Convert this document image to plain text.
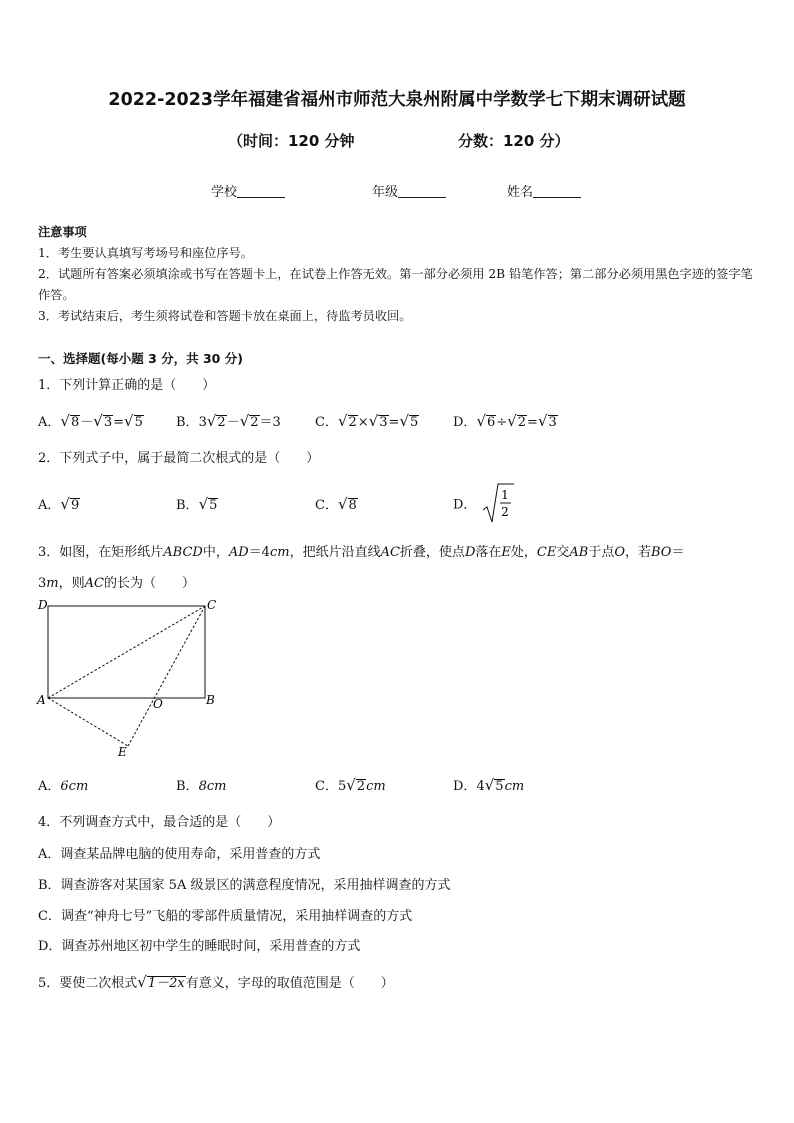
2022-2023学年福建省福州市师范大泉州附属中学数学七下期末调研试题
（时间：120 分钟	分数：120 分）
学校	年级	姓名
注意事项
1．考生要认真填写考场号和座位序号。
2．试题所有答案必须填涂或书写在答题卡上，在试卷上作答无效。第一部分必须用 2B 铅笔作答；第二部分必须用黑色字迹的签字笔作答。
3．考试结束后，考生须将试卷和答题卡放在桌面上，待监考员收回。
一、选择题(每小题 3 分，共 30 分)
1．下列计算正确的是（　　）
A．√8－√3=√5	B．3√2－√2＝3	C．√2×√3=√5	D．√6÷√2=√3
2．下列式子中，属于最简二次根式的是（　　）
A．√9	B．√5	C．√8	D．
1
2
3．如图，在矩形纸片ABCD中，AD＝4cm，把纸片沿直线AC折叠，使点D落在E处，CE交AB于点O，若BO＝
3m，则AC的长为（　　）
D	C
A	B
O
E
A．6cm	B．8cm	C．5√2cm	D．4√5cm
4．不列调查方式中，最合适的是（　　）
A．调查某品牌电脑的使用寿命，采用普查的方式
B．调查游客对某国家 5A 级景区的满意程度情况，采用抽样调查的方式
C．调查“神舟七号”飞船的零部件质量情况，采用抽样调查的方式
D．调查苏州地区初中学生的睡眠时间，采用普查的方式
5．要使二次根式√1－2x有意义，字母的取值范围是（　　）
